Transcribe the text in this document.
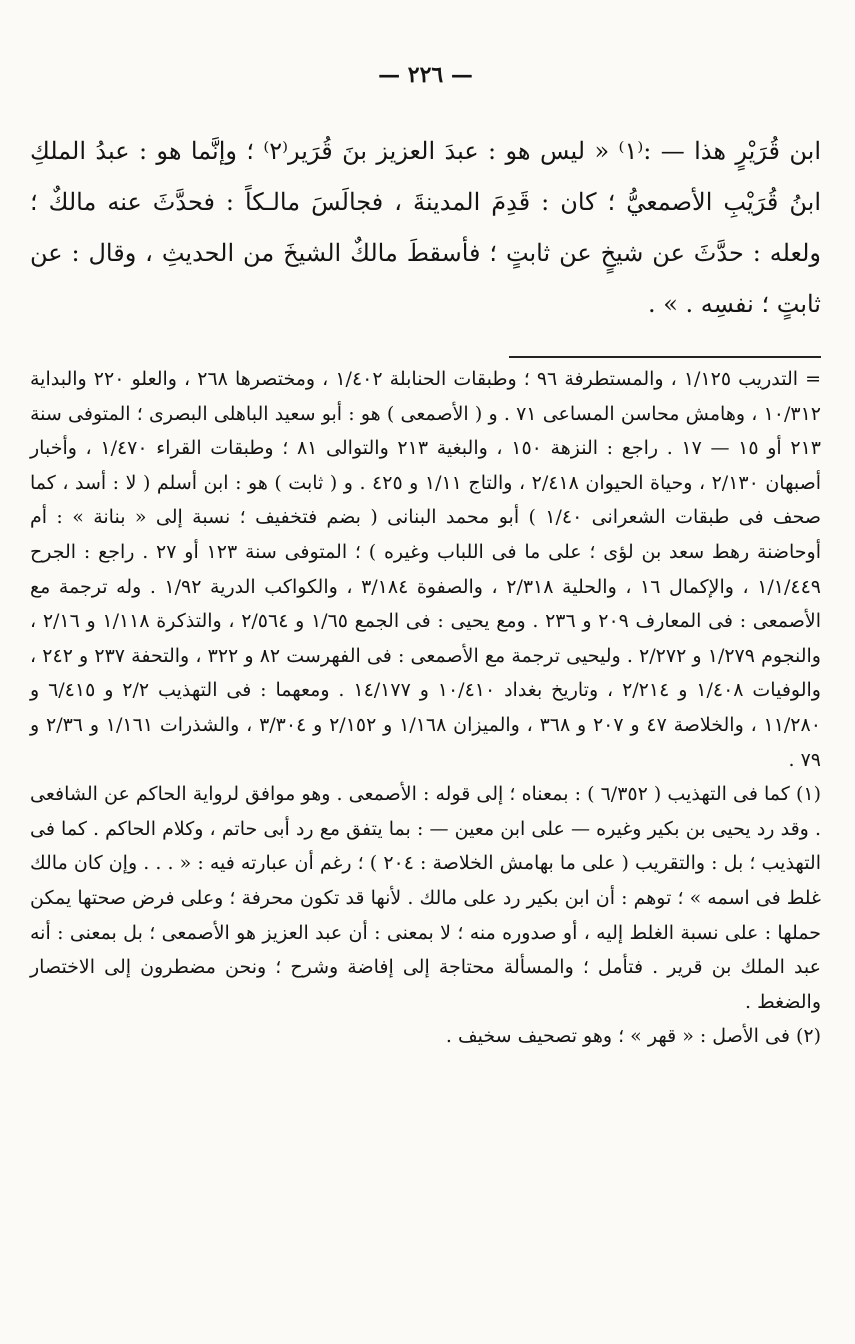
— ٢٢٦ —

ابن قُرَيْرٍ هذا — :⁽١⁾ « ليس هو : عبدَ العزيز بنَ قُرَير⁽٢⁾ ؛ وإنَّما هو : عبدُ الملكِ ابنُ قُرَيْبِ الأصمعيُّ ؛ كان : قَدِمَ المدينةَ ، فجالَسَ مالـكاً : فحدَّثَ عنه مالكٌ ؛ ولعله : حدَّثَ عن شيخٍ عن ثابتٍ ؛ فأسقطَ مالكٌ الشيخَ من الحديثِ ، وقال : عن ثابتٍ ؛ نفسِه . » .

= التدريب ١/١٢٥ ، والمستطرفة ٩٦ ؛ وطبقات الحنابلة ١/٤٠٢ ، ومختصرها ٢٦٨ ، والعلو ٢٢٠ والبداية ١٠/٣١٢ ، وهامش محاسن المساعى ٧١ . و ( الأصمعى ) هو : أبو سعيد الباهلى البصرى ؛ المتوفى سنة ٢١٣ أو ١٥ — ١٧ . راجع : النزهة ١٥٠ ، والبغية ٢١٣ والتوالى ٨١ ؛ وطبقات القراء ١/٤٧٠ ، وأخبار أصبهان ٢/١٣٠ ، وحياة الحيوان ٢/٤١٨ ، والتاج ١/١١ و ٤٢٥ . و ( ثابت ) هو : ابن أسلم ( لا : أسد ، كما صحف فى طبقات الشعرانى ١/٤٠ ) أبو محمد البنانى ( بضم فتخفيف ؛ نسبة إلى « بنانة » : أم أوحاضنة رهط سعد بن لؤى ؛ على ما فى اللباب وغيره ) ؛ المتوفى سنة ١٢٣ أو ٢٧ . راجع : الجرح ١/١/٤٤٩ ، والإكمال ١٦ ، والحلية ٢/٣١٨ ، والصفوة ٣/١٨٤ ، والكواكب الدرية ١/٩٢ . وله ترجمة مع الأصمعى : فى المعارف ٢٠٩ و ٢٣٦ . ومع يحيى : فى الجمع ١/٦٥ و ٢/٥٦٤ ، والتذكرة ١/١١٨ و ٢/١٦ ، والنجوم ١/٢٧٩ و ٢/٢٧٢ . وليحيى ترجمة مع الأصمعى : فى الفهرست ٨٢ و ٣٢٢ ، والتحفة ٢٣٧ و ٢٤٢ ، والوفيات ١/٤٠٨ و ٢/٢١٤ ، وتاريخ بغداد ١٠/٤١٠ و ١٤/١٧٧ . ومعهما : فى التهذيب ٢/٢ و ٦/٤١٥ و ١١/٢٨٠ ، والخلاصة ٤٧ و ٢٠٧ و ٣٦٨ ، والميزان ١/١٦٨ و ٢/١٥٢ و ٣/٣٠٤ ، والشذرات ١/١٦١ و ٢/٣٦ و ٧٩ .

(١) كما فى التهذيب ( ٦/٣٥٢ ) : بمعناه ؛ إلى قوله : الأصمعى . وهو موافق لرواية الحاكم عن الشافعى . وقد رد يحيى بن بكير وغيره — على ابن معين — : بما يتفق مع رد أبى حاتم ، وكلام الحاكم . كما فى التهذيب ؛ بل : والتقريب ( على ما بهامش الخلاصة : ٢٠٤ ) ؛ رغم أن عبارته فيه : « . . . وإن كان مالك غلط فى اسمه » ؛ توهم : أن ابن بكير رد على مالك . لأنها قد تكون محرفة ؛ وعلى فرض صحتها يمكن حملها : على نسبة الغلط إليه ، أو صدوره منه ؛ لا بمعنى : أن عبد العزيز هو الأصمعى ؛ بل بمعنى : أنه عبد الملك بن قرير . فتأمل ؛ والمسألة محتاجة إلى إفاضة وشرح ؛ ونحن مضطرون إلى الاختصار والضغط .

(٢) فى الأصل : « قهر » ؛ وهو تصحيف سخيف .
